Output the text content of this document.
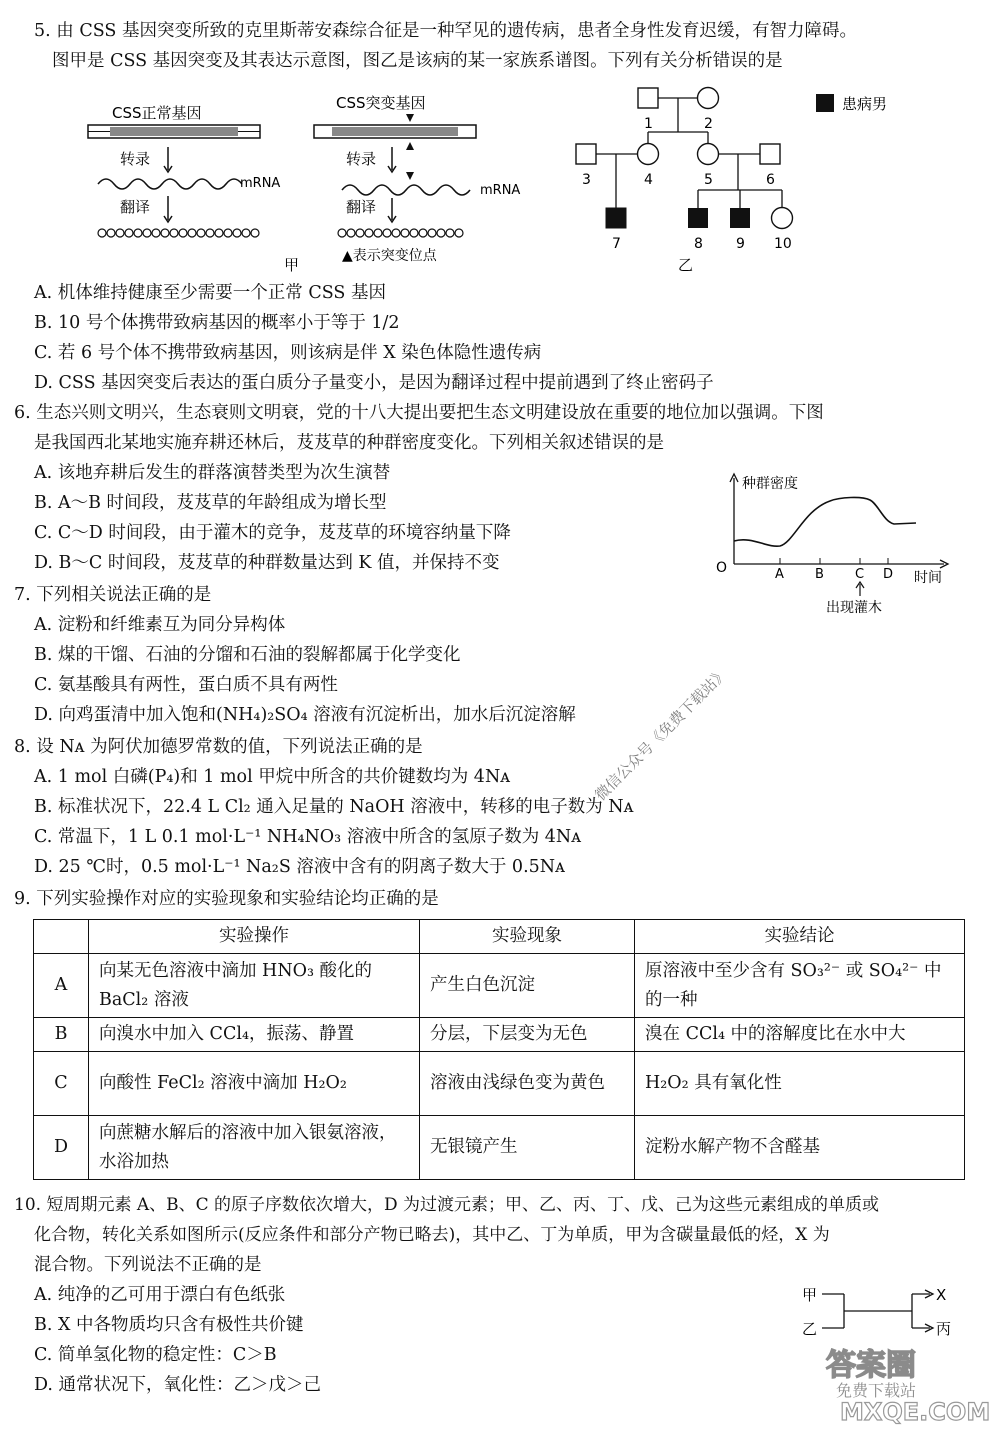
5. 由 CSS 基因突变所致的克里斯蒂安森综合征是一种罕见的遗传病，患者全身性发育迟缓，有智力障碍。
图甲是 CSS 基因突变及其表达示意图，图乙是该病的某一家族系谱图。下列有关分析错误的是
CSS正常基因
转录
mRNA
翻译
CSS突变基因
转录
mRNA
翻译
▲表示突变位点
甲
1	2
3	4	5	6
7	8 9 10
乙
患病男
A. 机体维持健康至少需要一个正常 CSS 基因
B. 10 号个体携带致病基因的概率小于等于 1/2
C. 若 6 号个体不携带致病基因，则该病是伴 X 染色体隐性遗传病
D. CSS 基因突变后表达的蛋白质分子量变小，是因为翻译过程中提前遇到了终止密码子
6. 生态兴则文明兴，生态衰则文明衰，党的十八大提出要把生态文明建设放在重要的地位加以强调。下图
是我国西北某地实施弃耕还林后，芨芨草的种群密度变化。下列相关叙述错误的是
A. 该地弃耕后发生的群落演替类型为次生演替
B. A～B 时间段，芨芨草的年龄组成为增长型
C. C～D 时间段，由于灌木的竞争，芨芨草的环境容纳量下降
D. B～C 时间段，芨芨草的种群数量达到 K 值，并保持不变
种群密度
O	A B C D 时间
出现灌木
7. 下列相关说法正确的是
A. 淀粉和纤维素互为同分异构体
B. 煤的干馏、石油的分馏和石油的裂解都属于化学变化
C. 氨基酸具有两性，蛋白质不具有两性
D. 向鸡蛋清中加入饱和(NH₄)₂SO₄ 溶液有沉淀析出，加水后沉淀溶解
8. 设 Nᴀ 为阿伏加德罗常数的值，下列说法正确的是
A. 1 mol 白磷(P₄)和 1 mol 甲烷中所含的共价键数均为 4Nᴀ
B. 标准状况下，22.4 L Cl₂ 通入足量的 NaOH 溶液中，转移的电子数为 Nᴀ
C. 常温下，1 L 0.1 mol·L⁻¹ NH₄NO₃ 溶液中所含的氢原子数为 4Nᴀ
D. 25 ℃时，0.5 mol·L⁻¹ Na₂S 溶液中含有的阴离子数大于 0.5Nᴀ
9. 下列实验操作对应的实验现象和实验结论均正确的是
	实验操作	实验现象	实验结论
A	向某无色溶液中滴加 HNO₃ 酸化的 BaCl₂ 溶液	产生白色沉淀	原溶液中至少含有 SO₃²⁻ 或 SO₄²⁻ 中的一种
B	向溴水中加入 CCl₄，振荡、静置	分层，下层变为无色	溴在 CCl₄ 中的溶解度比在水中大
C	向酸性 FeCl₂ 溶液中滴加 H₂O₂	溶液由浅绿色变为黄色	H₂O₂ 具有氧化性
D	向蔗糖水解后的溶液中加入银氨溶液，水浴加热	无银镜产生	淀粉水解产物不含醛基
10. 短周期元素 A、B、C 的原子序数依次增大，D 为过渡元素；甲、乙、丙、丁、戊、己为这些元素组成的单质或
化合物，转化关系如图所示(反应条件和部分产物已略去)，其中乙、丁为单质，甲为含碳量最低的烃，X 为
混合物。下列说法不正确的是
A. 纯净的乙可用于漂白有色纸张
B. X 中各物质均只含有极性共价键
C. 简单氢化物的稳定性：C＞B
D. 通常状况下，氧化性：乙＞戊＞己
甲
乙
X
丙
微信公众号《免费下载站》
答案圈
免费下载站
MXQE.COM
